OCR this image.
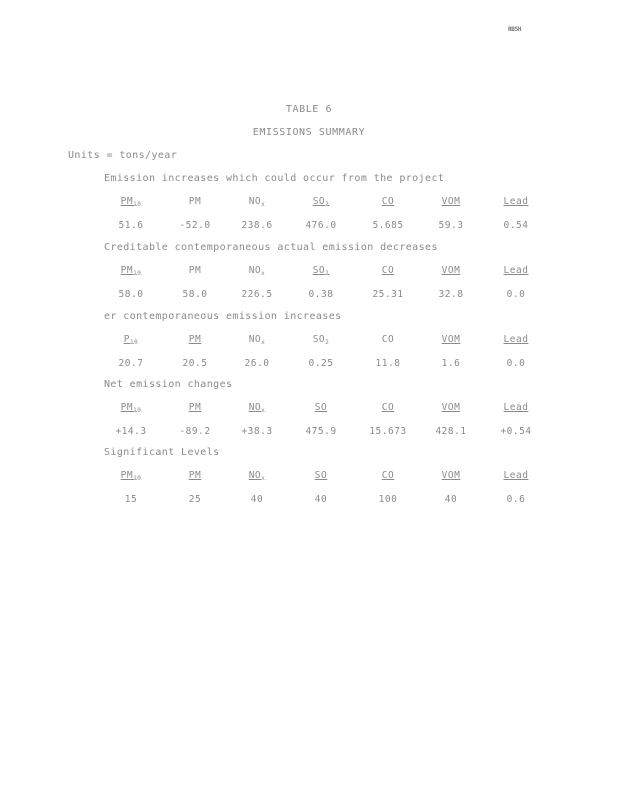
RBSH
TABLE 6
EMISSIONS SUMMARY
Units = tons/year
Emission increases which could occur from the project
$PM_{10}$	PM	$NO_x$	$SO_2$	CO	VOM	Lead
51.6	-52.0	238.6	476.0	5.685	59.3	0.54
Creditable contemporaneous actual emission decreases
$PM_{10}$	PM	$NO_x$	$SO_2$	CO	VOM	Lead
58.0	58.0	226.5	0.38	25.31	32.8	0.0
er contemporaneous emission increases
$P_{10}$	PM	$NO_x$	$SO_2$	CO	VOM	Lead
20.7	20.5	26.0	0.25	11.8	1.6	0.0
Net emission changes
$PM_{10}$	PM	$NO_x$	SO	CO	VOM	Lead
+14.3	-89.2	+38.3	475.9	15.673	428.1	+0.54
Significant Levels
$PM_{10}$	PM	$NO_x$	SO	CO	VOM	Lead
15	25	40	40	100	40	0.6
